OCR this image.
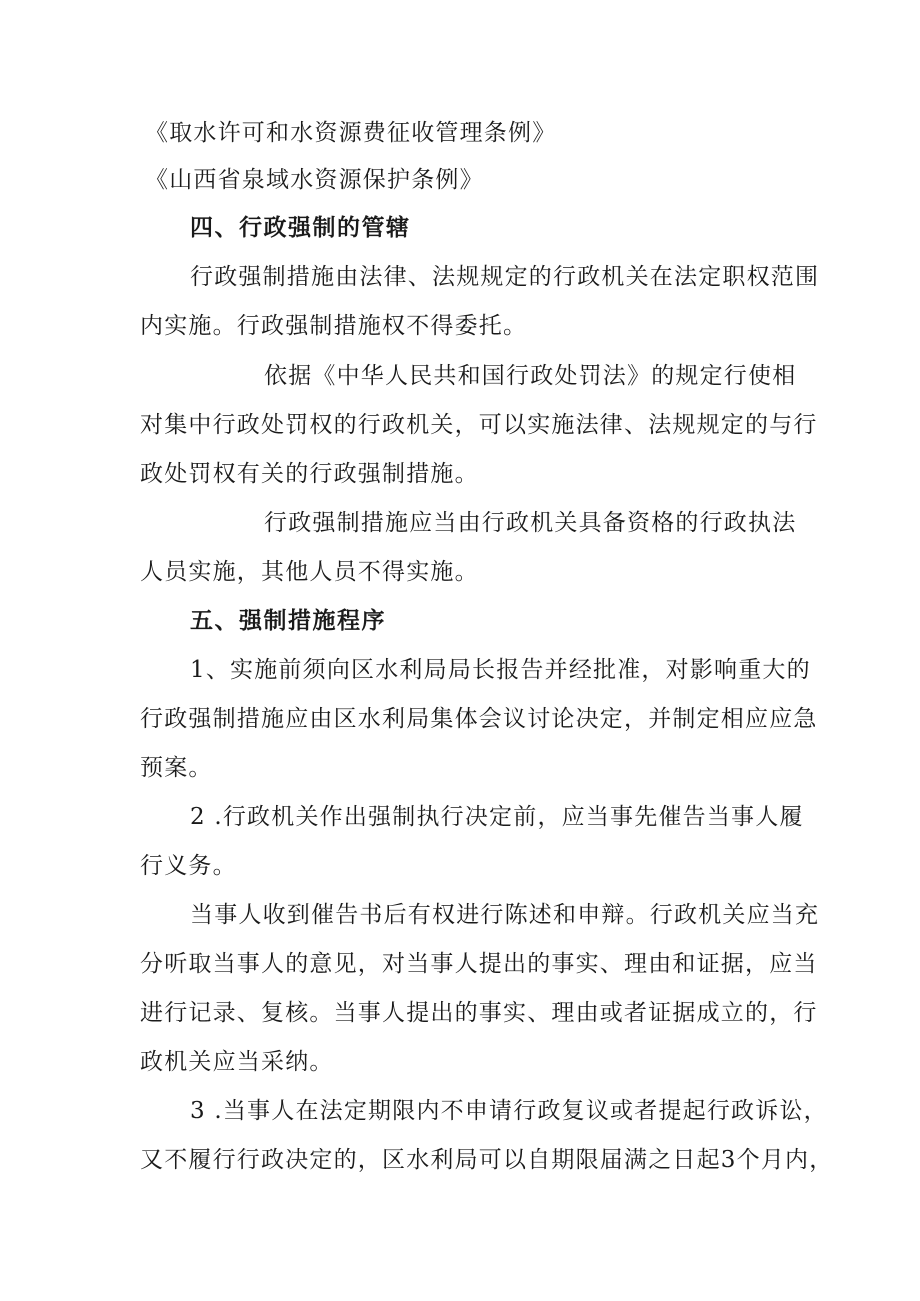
《取水许可和水资源费征收管理条例》
《山西省泉域水资源保护条例》
四、行政强制的管辖
行政强制措施由法律、法规规定的行政机关在法定职权范围
内实施。行政强制措施权不得委托。
依据《中华人民共和国行政处罚法》的规定行使相
对集中行政处罚权的行政机关，可以实施法律、法规规定的与行
政处罚权有关的行政强制措施。
行政强制措施应当由行政机关具备资格的行政执法
人员实施，其他人员不得实施。
五、强制措施程序
1、实施前须向区水利局局长报告并经批准，对影响重大的
行政强制措施应由区水利局集体会议讨论决定，并制定相应应急
预案。
2 .行政机关作出强制执行决定前，应当事先催告当事人履
行义务。
当事人收到催告书后有权进行陈述和申辩。行政机关应当充
分听取当事人的意见，对当事人提出的事实、理由和证据，应当
进行记录、复核。当事人提出的事实、理由或者证据成立的，行
政机关应当采纳。
3 .当事人在法定期限内不申请行政复议或者提起行政诉讼，
又不履行行政决定的，区水利局可以自期限届满之日起3个月内，
